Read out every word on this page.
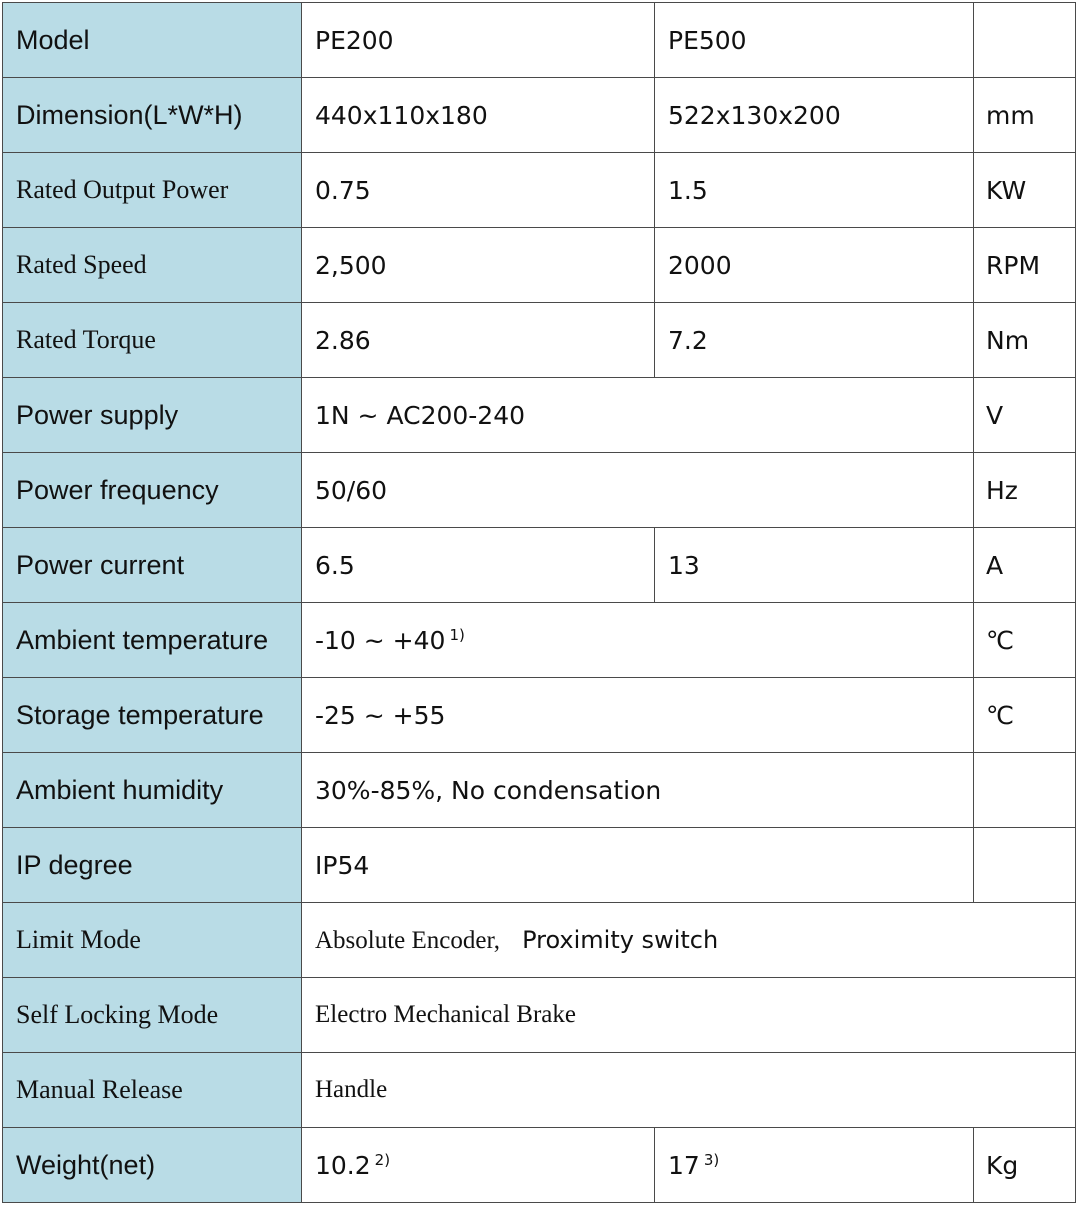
Model	PE200	PE500	
Dimension(L*W*H)	440x110x180	522x130x200	mm
Rated Output Power	0.75	1.5	KW
Rated Speed	2,500	2000	RPM
Rated Torque	2.86	7.2	Nm
Power supply	1N ~ AC200-240		V
Power frequency	50/60		Hz
Power current	6.5	13	A
Ambient temperature	-10 ~ +40 $^{1)}$		℃
Storage temperature	-25 ~ +55		℃
Ambient humidity	30%-85%, No condensation		
IP degree	IP54		
Limit Mode	Absolute Encoder, Proximity switch		
Self Locking Mode	Electro Mechanical Brake		
Manual Release	Handle		
Weight(net)	10.2 $^{2)}$	17 $^{3)}$	Kg
